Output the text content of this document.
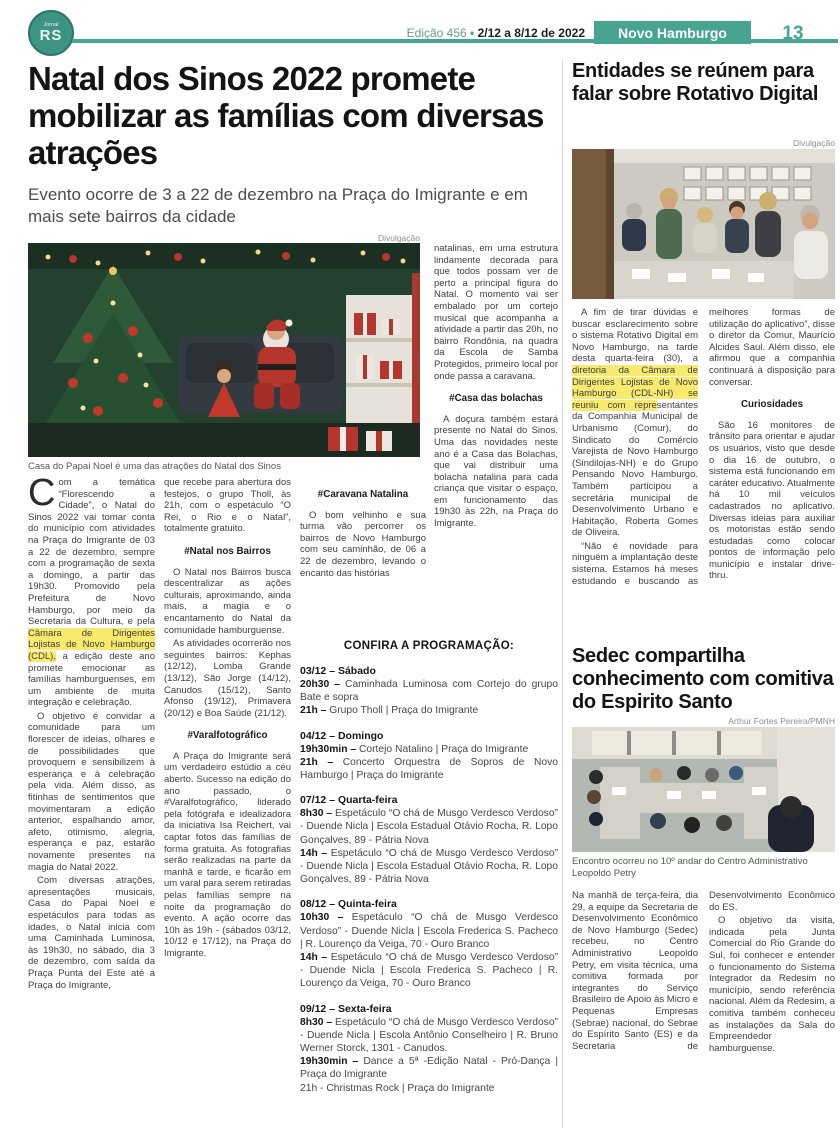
Jornal
RS	Edição 456 • 2/12 a 8/12 de 2022	Novo Hamburgo	13
Natal dos Sinos 2022 promete mobilizar as famílias com diversas atrações
Evento ocorre de 3 a 22 de dezembro na Praça do Imigrante e em mais sete bairros da cidade
Divulgação
Casa do Papai Noel é uma das atrações do Natal dos Sinos

Com a temática “Florescendo a Cidade”, o Natal do Sinos 2022 vai tomar conta do município com atividades na Praça do Imigrante de 03 a 22 de dezembro, sempre com a programação de sexta a domingo, a partir das 19h30. Promovido pela Prefeitura de Novo Hamburgo, por meio da Secretaria da Cultura, e pela Câmara de Dirigentes Lojistas de Novo Hamburgo (CDL), a edição deste ano promete emocionar as famílias hamburguenses, em um ambiente de muita integração e celebração.

O objetivo é convidar a comunidade para um florescer de ideias, olhares e de possibilidades que provoquem e sensibilizem à esperança e à celebração pela vida. Além disso, as fitinhas de sentimentos que movimentaram a edição anterior, espalhando amor, afeto, otimismo, alegria, esperança e paz, estarão novamente presentes na magia do Natal 2022.

Com diversas atrações, apresentações musicais, Casa do Papai Noel e espetáculos para todas as idades, o Natal inicia com uma Caminhada Luminosa, às 19h30, no sábado, dia 3 de dezembro, com saída da Praça Punta del Este até a Praça do Imigrante,

que recebe para abertura dos festejos, o grupo Tholl, às 21h, com o espetáculo “O Rei, o Rio e o Natal”, totalmente gratuito.

#Natal nos Bairros

O Natal nos Bairros busca descentralizar as ações culturais, aproximando, ainda mais, a magia e o encantamento do Natal da comunidade hamburguense.

As atividades ocorrerão nos seguintes bairros: Kephas (12/12), Lomba Grande (13/12), São Jorge (14/12), Canudos (15/12), Santo Afonso (19/12), Primavera (20/12) e Boa Saúde (21/12).

#Varalfotográfico

A Praça do Imigrante será um verdadeiro estúdio a céu aberto. Sucesso na edição do ano passado, o #Varalfotográfico, liderado pela fotógrafa e idealizadora da iniciativa Isa Reichert, vai captar fotos das famílias de forma gratuita. As fotografias serão realizadas na parte da manhã e tarde, e ficarão em um varal para serem retiradas pelas famílias sempre na noite da programação do evento. A ação ocorre das 10h às 19h - (sábados 03/12, 10/12 e 17/12), na Praça do Imigrante.

#Caravana Natalina

O bom velhinho e sua turma vão percorrer os bairros de Novo Hamburgo com seu caminhão, de 06 a 22 de dezembro, levando o encanto das histórias

natalinas, em uma estrutura lindamente decorada para que todos possam ver de perto a principal figura do Natal. O momento vai ser embalado por um cortejo musical que acompanha a atividade a partir das 20h, no bairro Rondônia, na quadra da Escola de Samba Protegidos, primeiro local por onde passa a caravana.

#Casa das bolachas

A doçura também estará presente no Natal do Sinos. Uma das novidades neste ano é a Casa das Bolachas, que vai distribuir uma bolacha natalina para cada criança que visitar o espaço, em funcionamento das 19h30 às 22h, na Praça do Imigrante.

CONFIRA A PROGRAMAÇÃO:

03/12 – Sábado

20h30 – Caminhada Luminosa com Cortejo do grupo Bate e sopra

21h – Grupo Tholl | Praça do Imigrante

04/12 – Domingo

19h30min – Cortejo Natalino | Praça do Imigrante

21h – Concerto Orquestra de Sopros de Novo Hamburgo | Praça do Imigrante

07/12 – Quarta-feira

8h30 – Espetáculo “O chá de Musgo Verdesco Verdoso” - Duende Nicla | Escola Estadual Otávio Rocha, R. Lopo Gonçalves, 89 - Pátria Nova

14h – Espetáculo “O chá de Musgo Verdesco Verdoso” - Duende Nicla | Escola Estadual Otávio Rocha, R. Lopo Gonçalves, 89 - Pátria Nova

08/12 – Quinta-feira

10h30 – Espetáculo “O chá de Musgo Verdesco Verdoso” - Duende Nicla | Escola Frederica S. Pacheco | R. Lourenço da Veiga, 70 - Ouro Branco

14h – Espetáculo “O chá de Musgo Verdesco Verdoso” - Duende Nicla | Escola Frederica S. Pacheco | R. Lourenço da Veiga, 70 - Ouro Branco

09/12 – Sexta-feira

8h30 – Espetáculo “O chá de Musgo Verdesco Verdoso” - Duende Nicla | Escola Antônio Conselheiro | R. Bruno Werner Storck, 1301 - Canudos.

19h30min – Dance a 5ª -Edição Natal - Pró-Dança | Praça do Imigrante

21h - Christmas Rock | Praça do Imigrante

Entidades se reúnem para falar sobre Rotativo Digital
Divulgação

A fim de tirar dúvidas e buscar esclarecimento sobre o sistema Rotativo Digital em Novo Hamburgo, na tarde desta quarta-feira (30), a diretoria da Câmara de Dirigentes Lojistas de Novo Hamburgo (CDL-NH) se reuniu com representantes da Companhia Municipal de Urbanismo (Comur), do Sindicato do Comércio Varejista de Novo Hamburgo (Sindilojas-NH) e do Grupo Pensando Novo Hamburgo. Também participou a secretária municipal de Desenvolvimento Urbano e Habitação, Roberta Gomes de Oliveira.

“Não é novidade para ninguém a implantação deste sistema. Estamos há meses estudando e buscando as melhores formas de utilização do aplicativo”, disse o diretor da Comur, Maurício Alcides Saul. Além disso, ele afirmou que a companhia continuará à disposição para conversar.

Curiosidades

São 16 monitores de trânsito para orientar e ajudar os usuários, visto que desde o dia 16 de outubro, o sistema está funcionando em caráter educativo. Atualmente há 10 mil veículos cadastrados no aplicativo. Diversas ideias para auxiliar os motoristas estão sendo estudadas como colocar pontos de informação pelo município e instalar drive-thru.

Sedec compartilha conhecimento com comitiva do Espirito Santo
Arthur Fortes Pereira/PMNH
Encontro ocorreu no 10º andar do Centro Administrativo Leopoldo Petry

Na manhã de terça-feira, dia 29, a equipe da Secretaria de Desenvolvimento Econômico de Novo Hamburgo (Sedec) recebeu, no Centro Administrativo Leopoldo Petry, em visita técnica, uma comitiva formada por integrantes do Serviço Brasileiro de Apoio às Micro e Pequenas Empresas (Sebrae) nacional, do Sebrae do Espírito Santo (ES) e da Secretaria de Desenvolvimento Econômico do ES.

O objetivo da visita, indicada pela Junta Comercial do Rio Grande do Sul, foi conhecer e entender o funcionamento do Sistema Integrador da Redesim no município, sendo referência nacional. Além da Redesim, a comitiva também conheceu as instalações da Sala do Empreendedor hamburguense.
